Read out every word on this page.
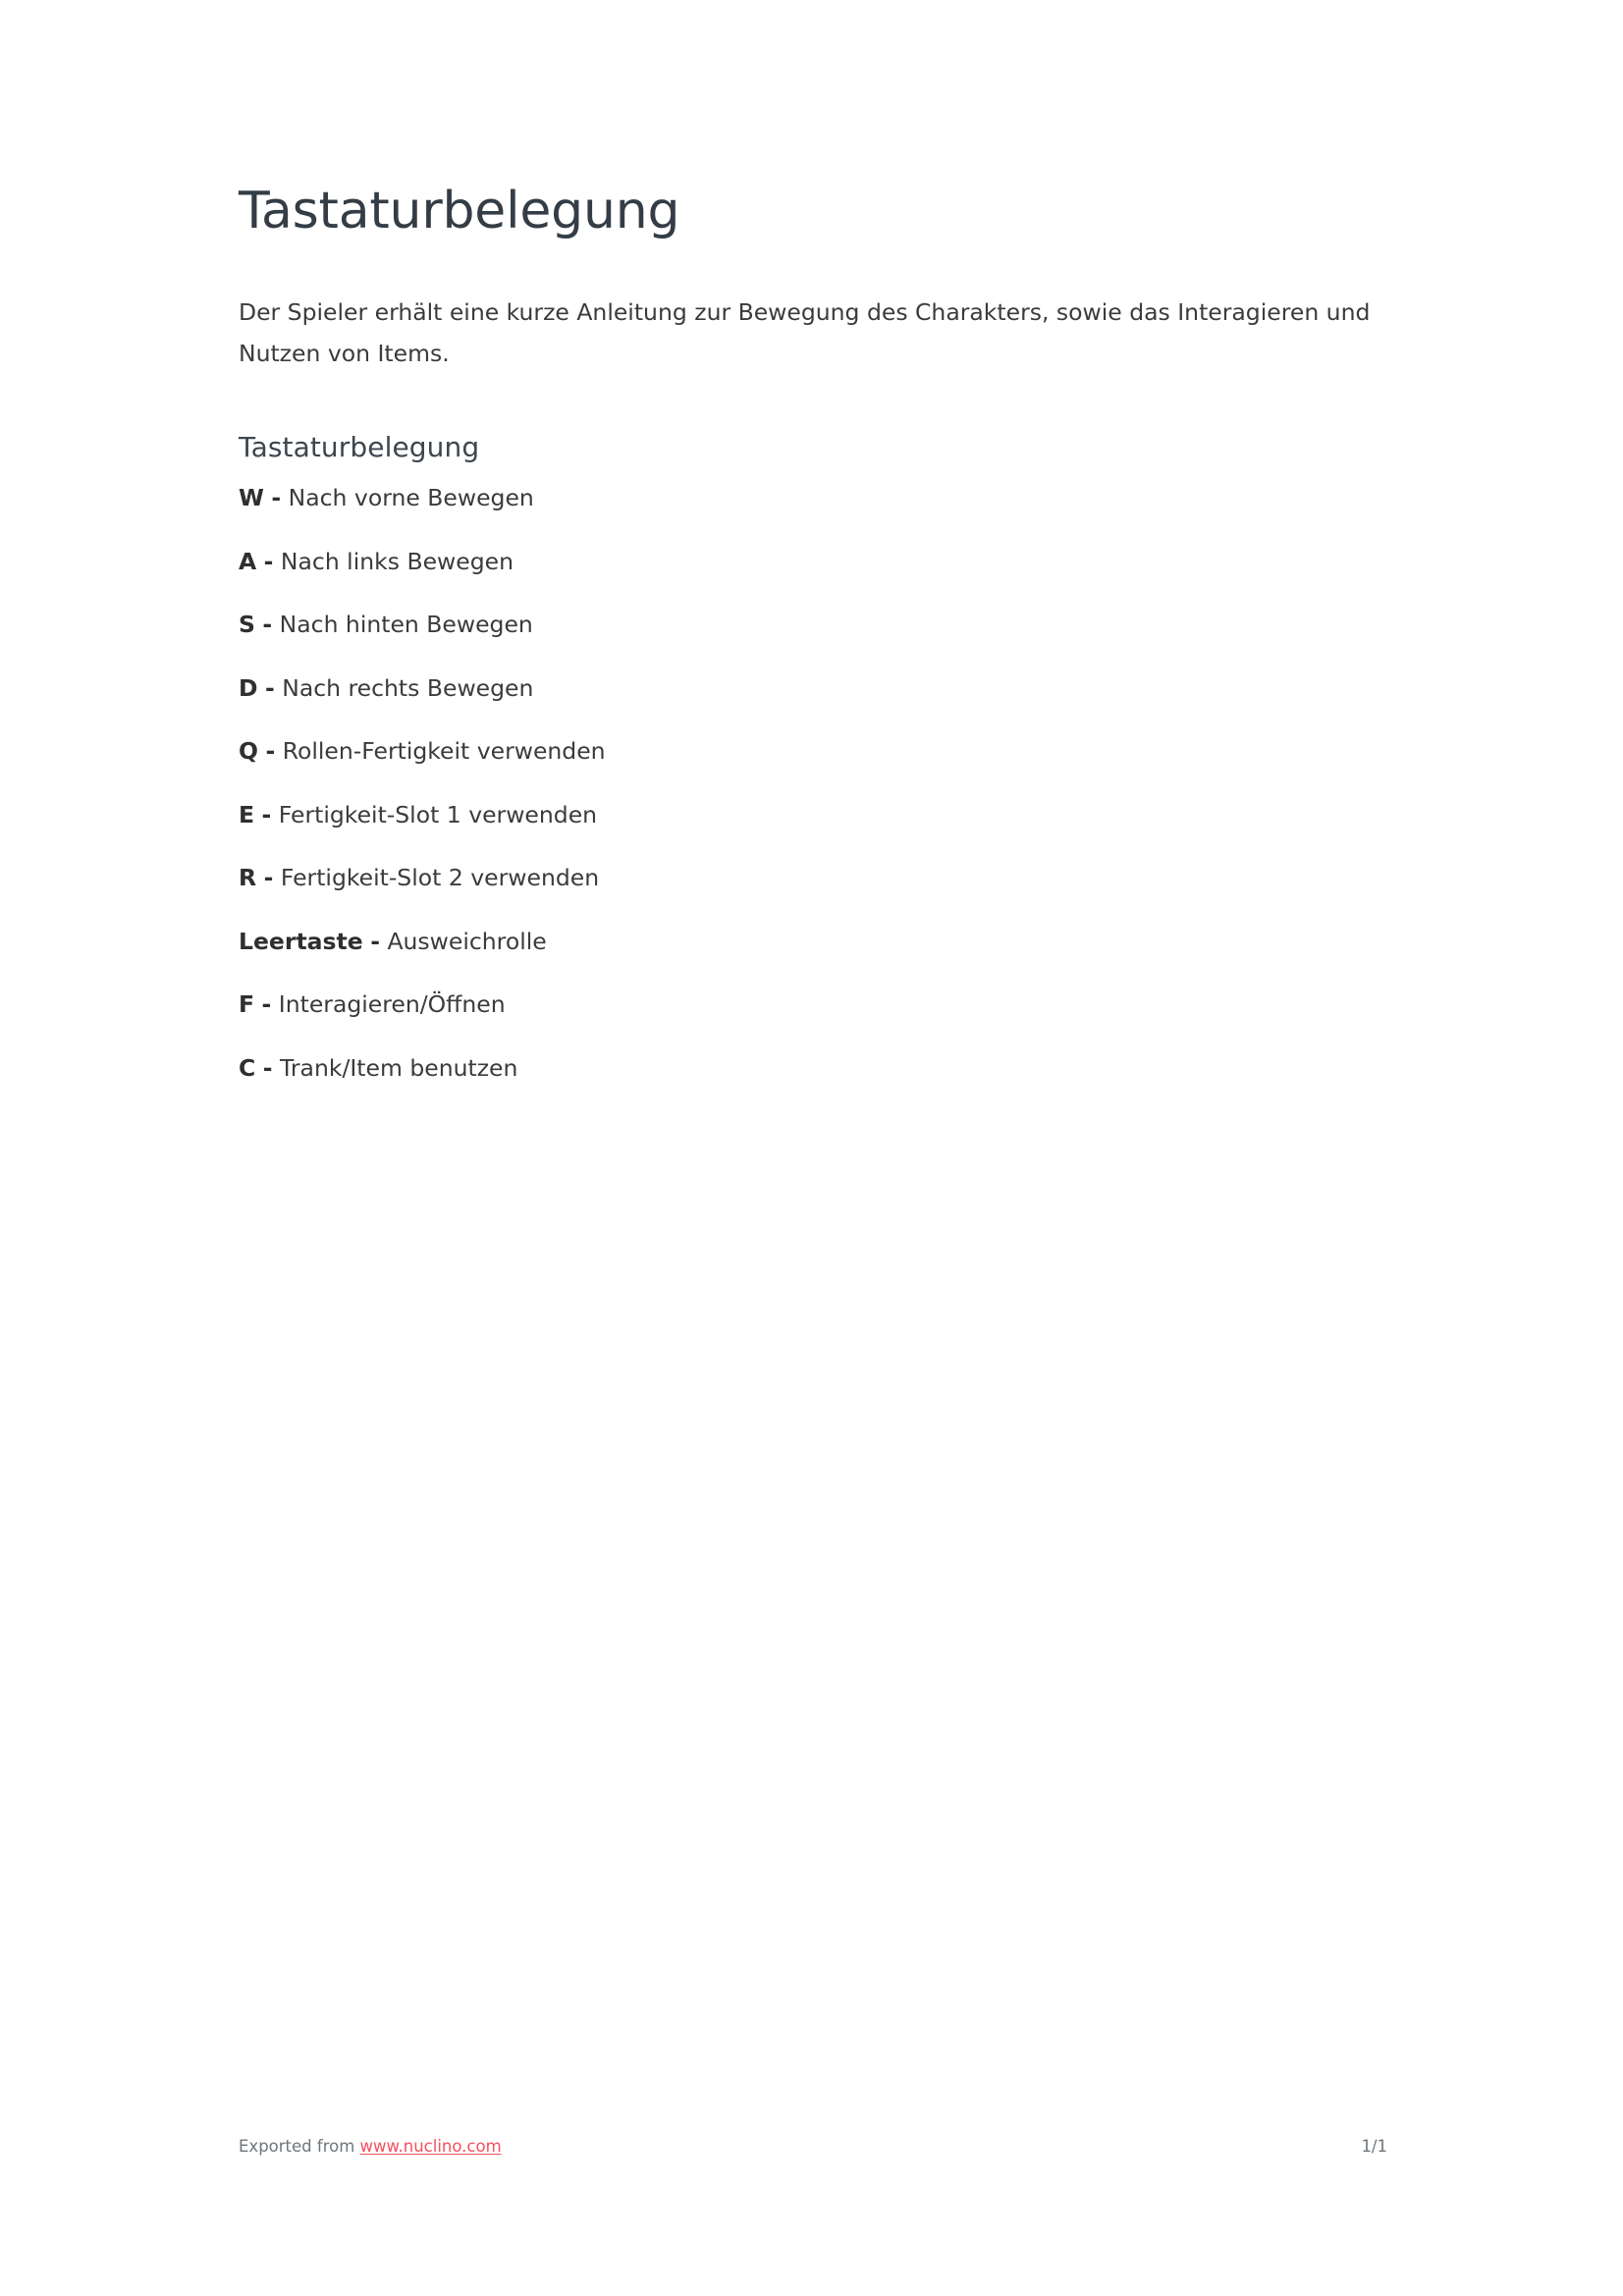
Tastaturbelegung

Der Spieler erhält eine kurze Anleitung zur Bewegung des Charakters, sowie das Interagieren und Nutzen von Items.

Tastaturbelegung
W - Nach vorne Bewegen
A - Nach links Bewegen
S - Nach hinten Bewegen
D - Nach rechts Bewegen
Q - Rollen-Fertigkeit verwenden
E - Fertigkeit-Slot 1 verwenden
R - Fertigkeit-Slot 2 verwenden
Leertaste - Ausweichrolle
F - Interagieren/Öffnen
C - Trank/Item benutzen
Exported from www.nuclino.com	1/1
